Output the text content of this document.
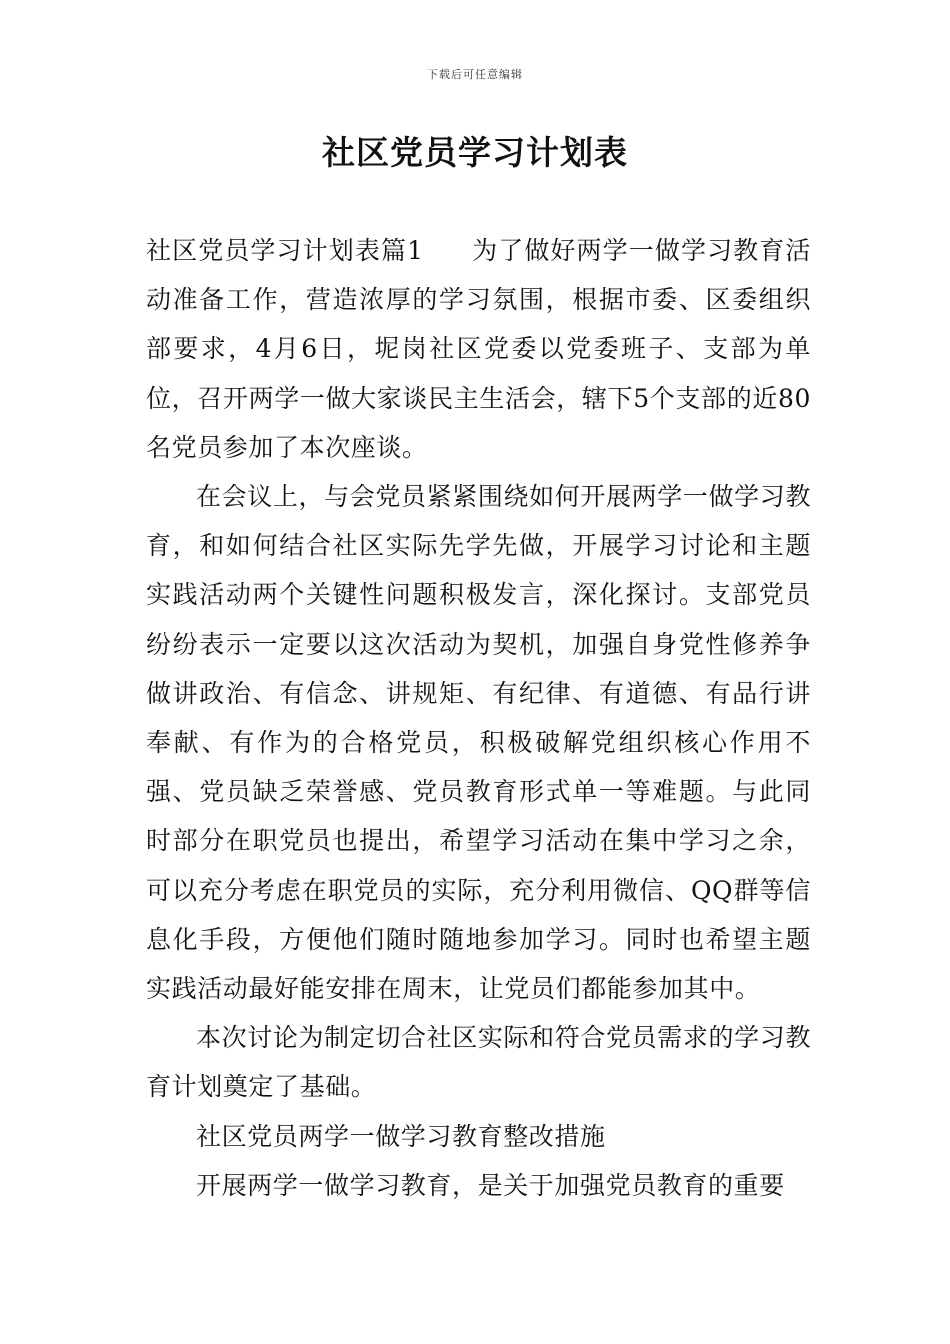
下载后可任意编辑
社区党员学习计划表

社区党员学习计划表篇1 为了做好两学一做学习教育活动准备工作，营造浓厚的学习氛围，根据市委、区委组织部要求，4月6日，坭岗社区党委以党委班子、支部为单位，召开两学一做大家谈民主生活会，辖下5个支部的近80名党员参加了本次座谈。

在会议上，与会党员紧紧围绕如何开展两学一做学习教育，和如何结合社区实际先学先做，开展学习讨论和主题实践活动两个关键性问题积极发言，深化探讨。支部党员纷纷表示一定要以这次活动为契机，加强自身党性修养争做讲政治、有信念、讲规矩、有纪律、有道德、有品行讲奉献、有作为的合格党员，积极破解党组织核心作用不强、党员缺乏荣誉感、党员教育形式单一等难题。与此同时部分在职党员也提出，希望学习活动在集中学习之余，可以充分考虑在职党员的实际，充分利用微信、QQ群等信息化手段，方便他们随时随地参加学习。同时也希望主题实践活动最好能安排在周末，让党员们都能参加其中。

本次讨论为制定切合社区实际和符合党员需求的学习教育计划奠定了基础。

社区党员两学一做学习教育整改措施

开展两学一做学习教育，是关于加强党员教育的重要
